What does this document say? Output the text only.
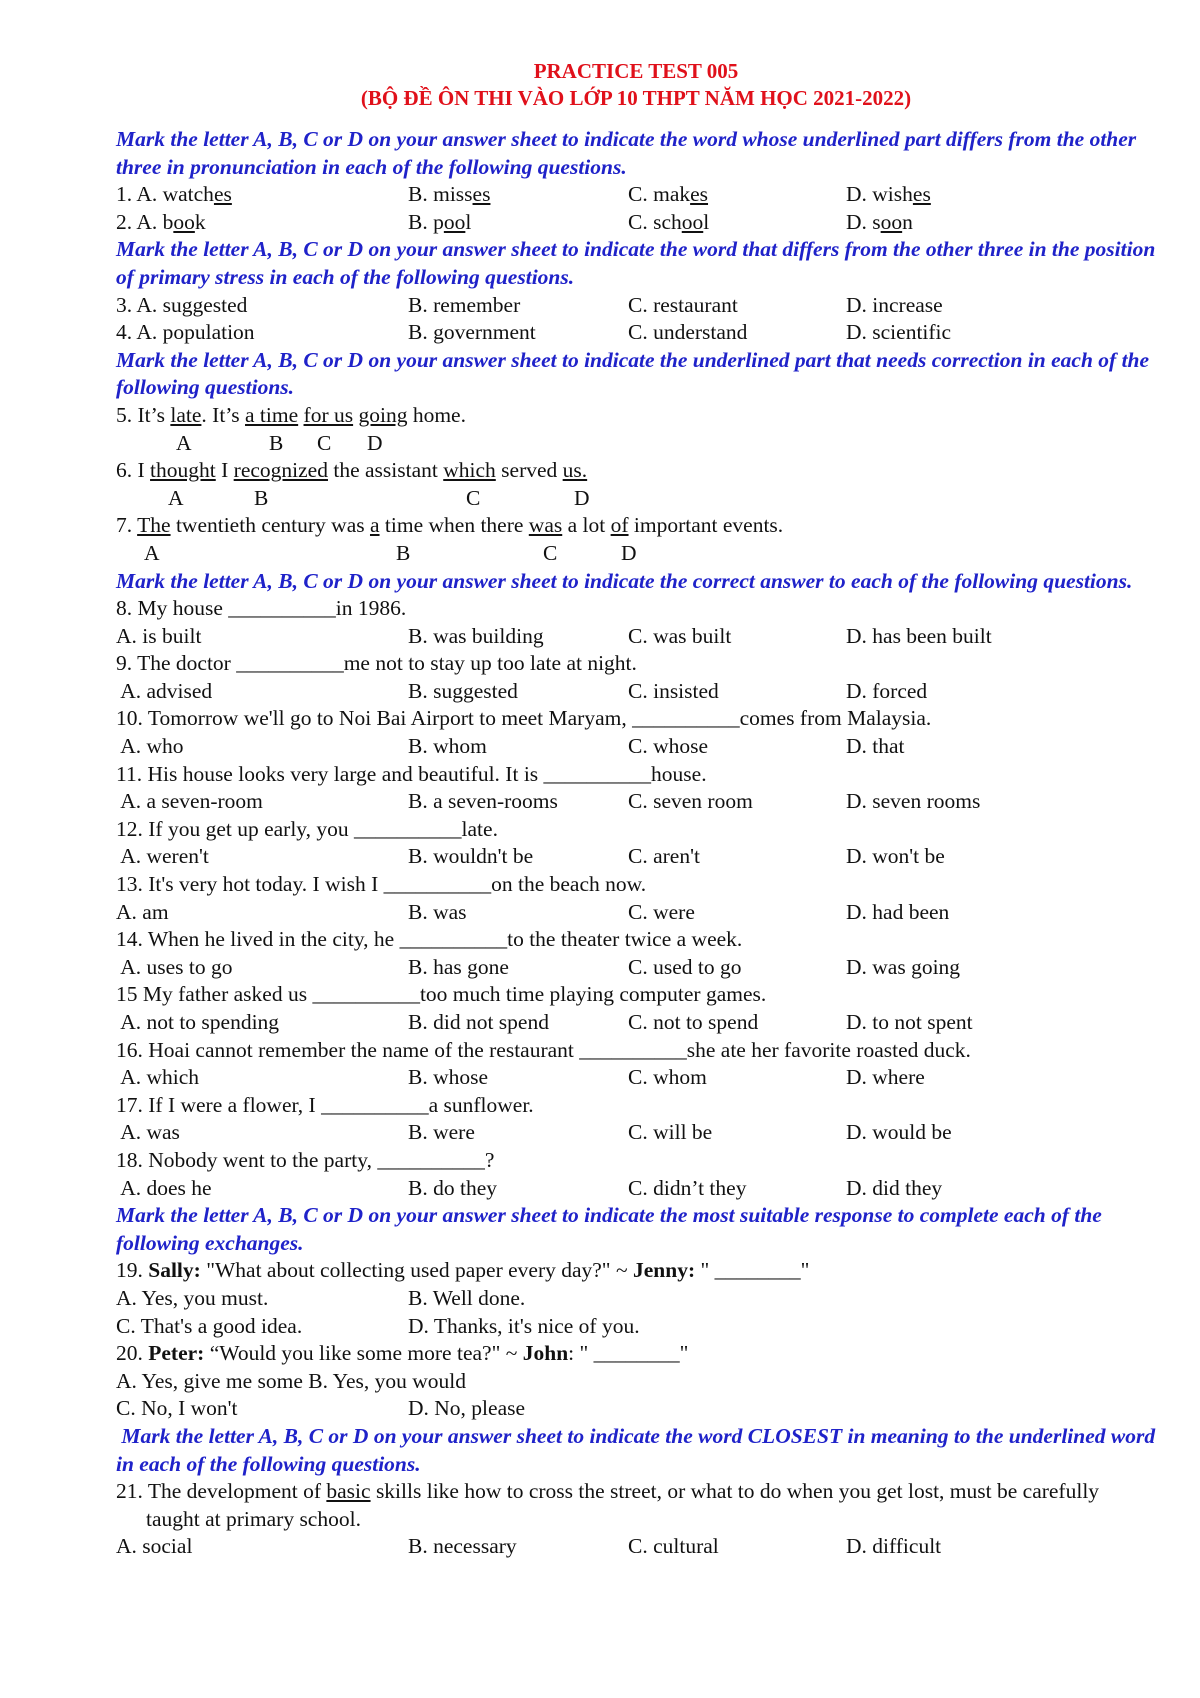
PRACTICE TEST 005
(BỘ ĐỀ ÔN THI VÀO LỚP 10 THPT NĂM HỌC 2021-2022)
Mark the letter A, B, C or D on your answer sheet to indicate the word whose underlined part differs from the other three in pronunciation in each of the following questions.
1. A. watches	B. misses	C. makes	D. wishes
2. A. book	B. pool	C. school	D. soon
Mark the letter A, B, C or D on your answer sheet to indicate the word that differs from the other three in the position of primary stress in each of the following questions.
3. A. suggested	B. remember	C. restaurant	D. increase
4. A. population	B. government	C. understand	D. scientific
Mark the letter A, B, C or D on your answer sheet to indicate the underlined part that needs correction in each of the following questions.
5. It’s late. It’s a time for us going home.
A	B C D
6. I thought I recognized the assistant which served us.
A	B	C	D
7. The twentieth century was a time when there was a lot of important events.
A	B	C	D
Mark the letter A, B, C or D on your answer sheet to indicate the correct answer to each of the following questions.
8. My house __________in 1986.
A. is built	B. was building	C. was built	D. has been built
9. The doctor __________me not to stay up too late at night.
A. advised	B. suggested	C. insisted	D. forced
10. Tomorrow we'll go to Noi Bai Airport to meet Maryam, __________comes from Malaysia.
A. who	B. whom	C. whose	D. that
11. His house looks very large and beautiful. It is __________house.
A. a seven-room	B. a seven-rooms	C. seven room	D. seven rooms
12. If you get up early, you __________late.
A. weren't	B. wouldn't be	C. aren't	D. won't be
13. It's very hot today. I wish I __________on the beach now.
A. am	B. was	C. were	D. had been
14. When he lived in the city, he __________to the theater twice a week.
A. uses to go	B. has gone	C. used to go	D. was going
15 My father asked us __________too much time playing computer games.
A. not to spending	B. did not spend	C. not to spend	D. to not spent
16. Hoai cannot remember the name of the restaurant __________she ate her favorite roasted duck.
A. which	B. whose	C. whom	D. where
17. If I were a flower, I __________a sunflower.
A. was	B. were	C. will be	D. would be
18. Nobody went to the party, __________?
A. does he	B. do they	C. didn’t they	D. did they
Mark the letter A, B, C or D on your answer sheet to indicate the most suitable response to complete each of the following exchanges.
19. Sally: "What about collecting used paper every day?" ~ Jenny: " ________"
A. Yes, you must.	B. Well done.
C. That's a good idea.	D. Thanks, it's nice of you.
20. Peter: “Would you like some more tea?" ~ John: " ________"
A. Yes, give me some B. Yes, you would
C. No, I won't	D. No, please
Mark the letter A, B, C or D on your answer sheet to indicate the word CLOSEST in meaning to the underlined word in each of the following questions.
21. The development of basic skills like how to cross the street, or what to do when you get lost, must be carefully taught at primary school.
A. social	B. necessary	C. cultural	D. difficult
